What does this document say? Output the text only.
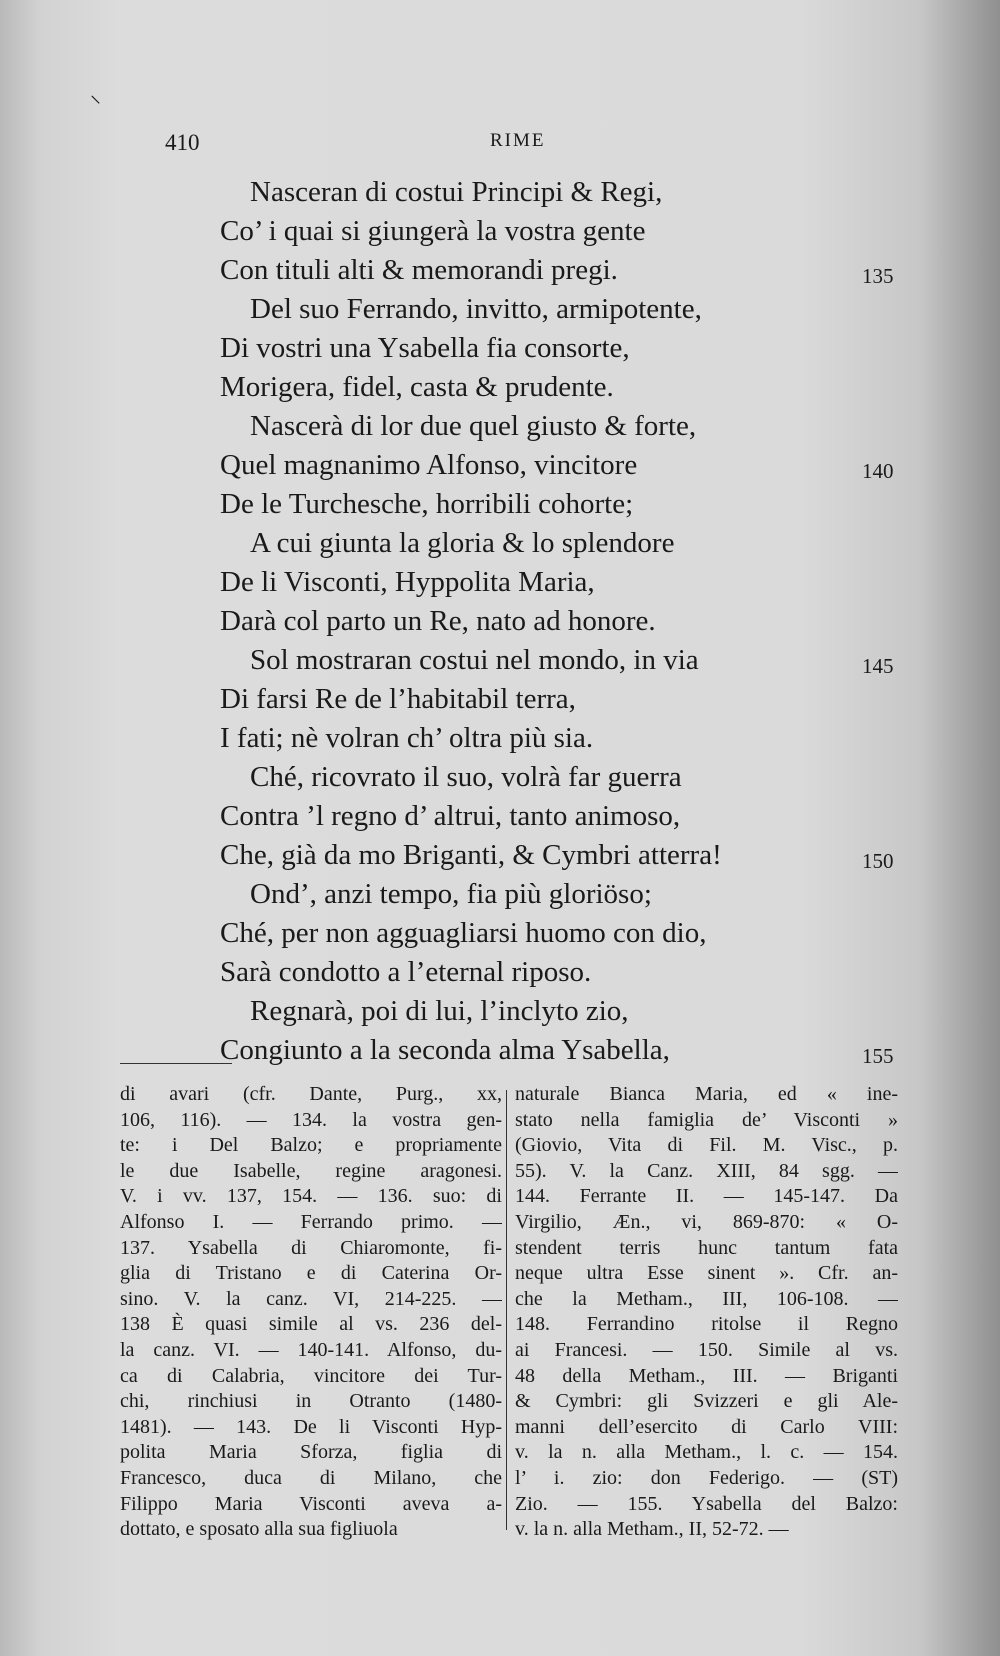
⸜
410	RIME
Nasceran di costui Principi & Regi,
Co’ i quai si giungerà la vostra gente
Con tituli alti & memorandi pregi.	135
Del suo Ferrando, invitto, armipotente,
Di vostri una Ysabella fia consorte,
Morigera, fidel, casta & prudente.
Nascerà di lor due quel giusto & forte,
Quel magnanimo Alfonso, vincitore	140
De le Turchesche, horribili cohorte;
A cui giunta la gloria & lo splendore
De li Visconti, Hyppolita Maria,
Darà col parto un Re, nato ad honore.
Sol mostraran costui nel mondo, in via	145
Di farsi Re de l’habitabil terra,
I fati; nè volran ch’ oltra più sia.
Ché, ricovrato il suo, volrà far guerra
Contra ’l regno d’ altrui, tanto animoso,
Che, già da mo Briganti, & Cymbri atterra!	150
Ond’, anzi tempo, fia più gloriöso;
Ché, per non agguagliarsi huomo con dio,
Sarà condotto a l’eternal riposo.
Regnarà, poi di lui, l’inclyto zio,
Congiunto a la seconda alma Ysabella,	155
di avari (cfr. Dante, Purg., xx,
106, 116). — 134. la vostra gen-
te: i Del Balzo; e propriamente
le due Isabelle, regine aragonesi.
V. i vv. 137, 154. — 136. suo: di
Alfonso I. — Ferrando primo. —
137. Ysabella di Chiaromonte, fi-
glia di Tristano e di Caterina Or-
sino. V. la canz. VI, 214-225. —
138 È quasi simile al vs. 236 del-
la canz. VI. — 140-141. Alfonso, du-
ca di Calabria, vincitore dei Tur-
chi, rinchiusi in Otranto (1480-
1481). — 143. De li Visconti Hyp-
polita Maria Sforza, figlia di
Francesco, duca di Milano, che
Filippo Maria Visconti aveva a-
dottato, e sposato alla sua figliuola
naturale Bianca Maria, ed « ine-
stato nella famiglia de’ Visconti »
(Giovio, Vita di Fil. M. Visc., p.
55). V. la Canz. XIII, 84 sgg. —
144. Ferrante II. — 145-147. Da
Virgilio, Æn., vi, 869-870: « O-
stendent terris hunc tantum fata
neque ultra Esse sinent ». Cfr. an-
che la Metham., III, 106-108. —
148. Ferrandino ritolse il Regno
ai Francesi. — 150. Simile al vs.
48 della Metham., III. — Briganti
& Cymbri: gli Svizzeri e gli Ale-
manni dell’esercito di Carlo VIII:
v. la n. alla Metham., l. c. — 154.
l’ i. zio: don Federigo. — (ST)
Zio. — 155. Ysabella del Balzo:
v. la n. alla Metham., II, 52-72. —
